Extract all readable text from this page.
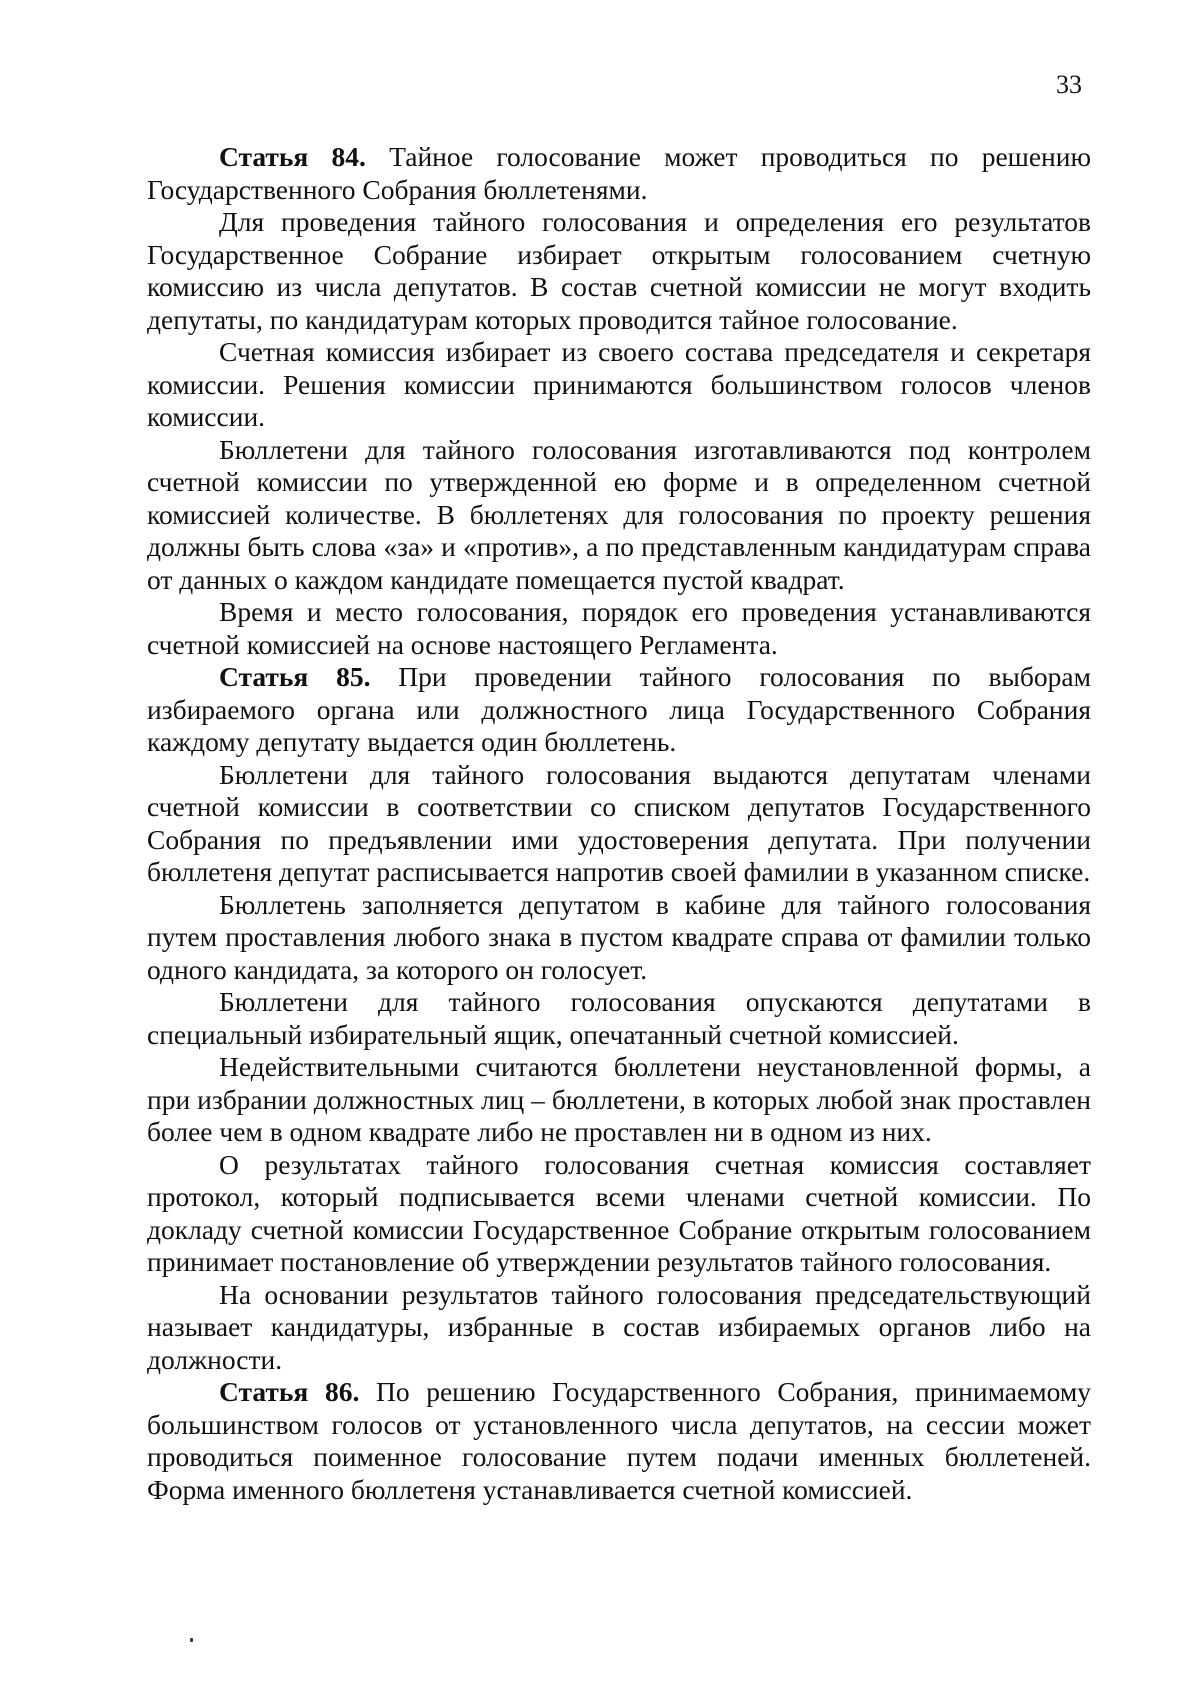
33

Статья 84. Тайное голосование может проводиться по решению Государственного Собрания бюллетенями.

Для проведения тайного голосования и определения его результатов Государственное Собрание избирает открытым голосованием счетную комиссию из числа депутатов. В состав счетной комиссии не могут входить депутаты, по кандидатурам которых проводится тайное голосование.

Счетная комиссия избирает из своего состава председателя и секретаря комиссии. Решения комиссии принимаются большинством голосов членов комиссии.

Бюллетени для тайного голосования изготавливаются под контролем счетной комиссии по утвержденной ею форме и в определенном счетной комиссией количестве. В бюллетенях для голосования по проекту решения должны быть слова «за» и «против», а по представленным кандидатурам справа от данных о каждом кандидате помещается пустой квадрат.

Время и место голосования, порядок его проведения устанавливаются счетной комиссией на основе настоящего Регламента.

Статья 85. При проведении тайного голосования по выборам избираемого органа или должностного лица Государственного Собрания каждому депутату выдается один бюллетень.

Бюллетени для тайного голосования выдаются депутатам членами счетной комиссии в соответствии со списком депутатов Государственного Собрания по предъявлении ими удостоверения депутата. При получении бюллетеня депутат расписывается напротив своей фамилии в указанном списке.

Бюллетень заполняется депутатом в кабине для тайного голосования путем проставления любого знака в пустом квадрате справа от фамилии только одного кандидата, за которого он голосует.

Бюллетени для тайного голосования опускаются депутатами в специальный избирательный ящик, опечатанный счетной комиссией.

Недействительными считаются бюллетени неустановленной формы, а при избрании должностных лиц – бюллетени, в которых любой знак проставлен более чем в одном квадрате либо не проставлен ни в одном из них.

О результатах тайного голосования счетная комиссия составляет протокол, который подписывается всеми членами счетной комиссии. По докладу счетной комиссии Государственное Собрание открытым голосованием принимает постановление об утверждении результатов тайного голосования.

На основании результатов тайного голосования председательствующий называет кандидатуры, избранные в состав избираемых органов либо на должности.

Статья 86. По решению Государственного Собрания, принимаемому большинством голосов от установленного числа депутатов, на сессии может проводиться поименное голосование путем подачи именных бюллетеней. Форма именного бюллетеня устанавливается счетной комиссией.
